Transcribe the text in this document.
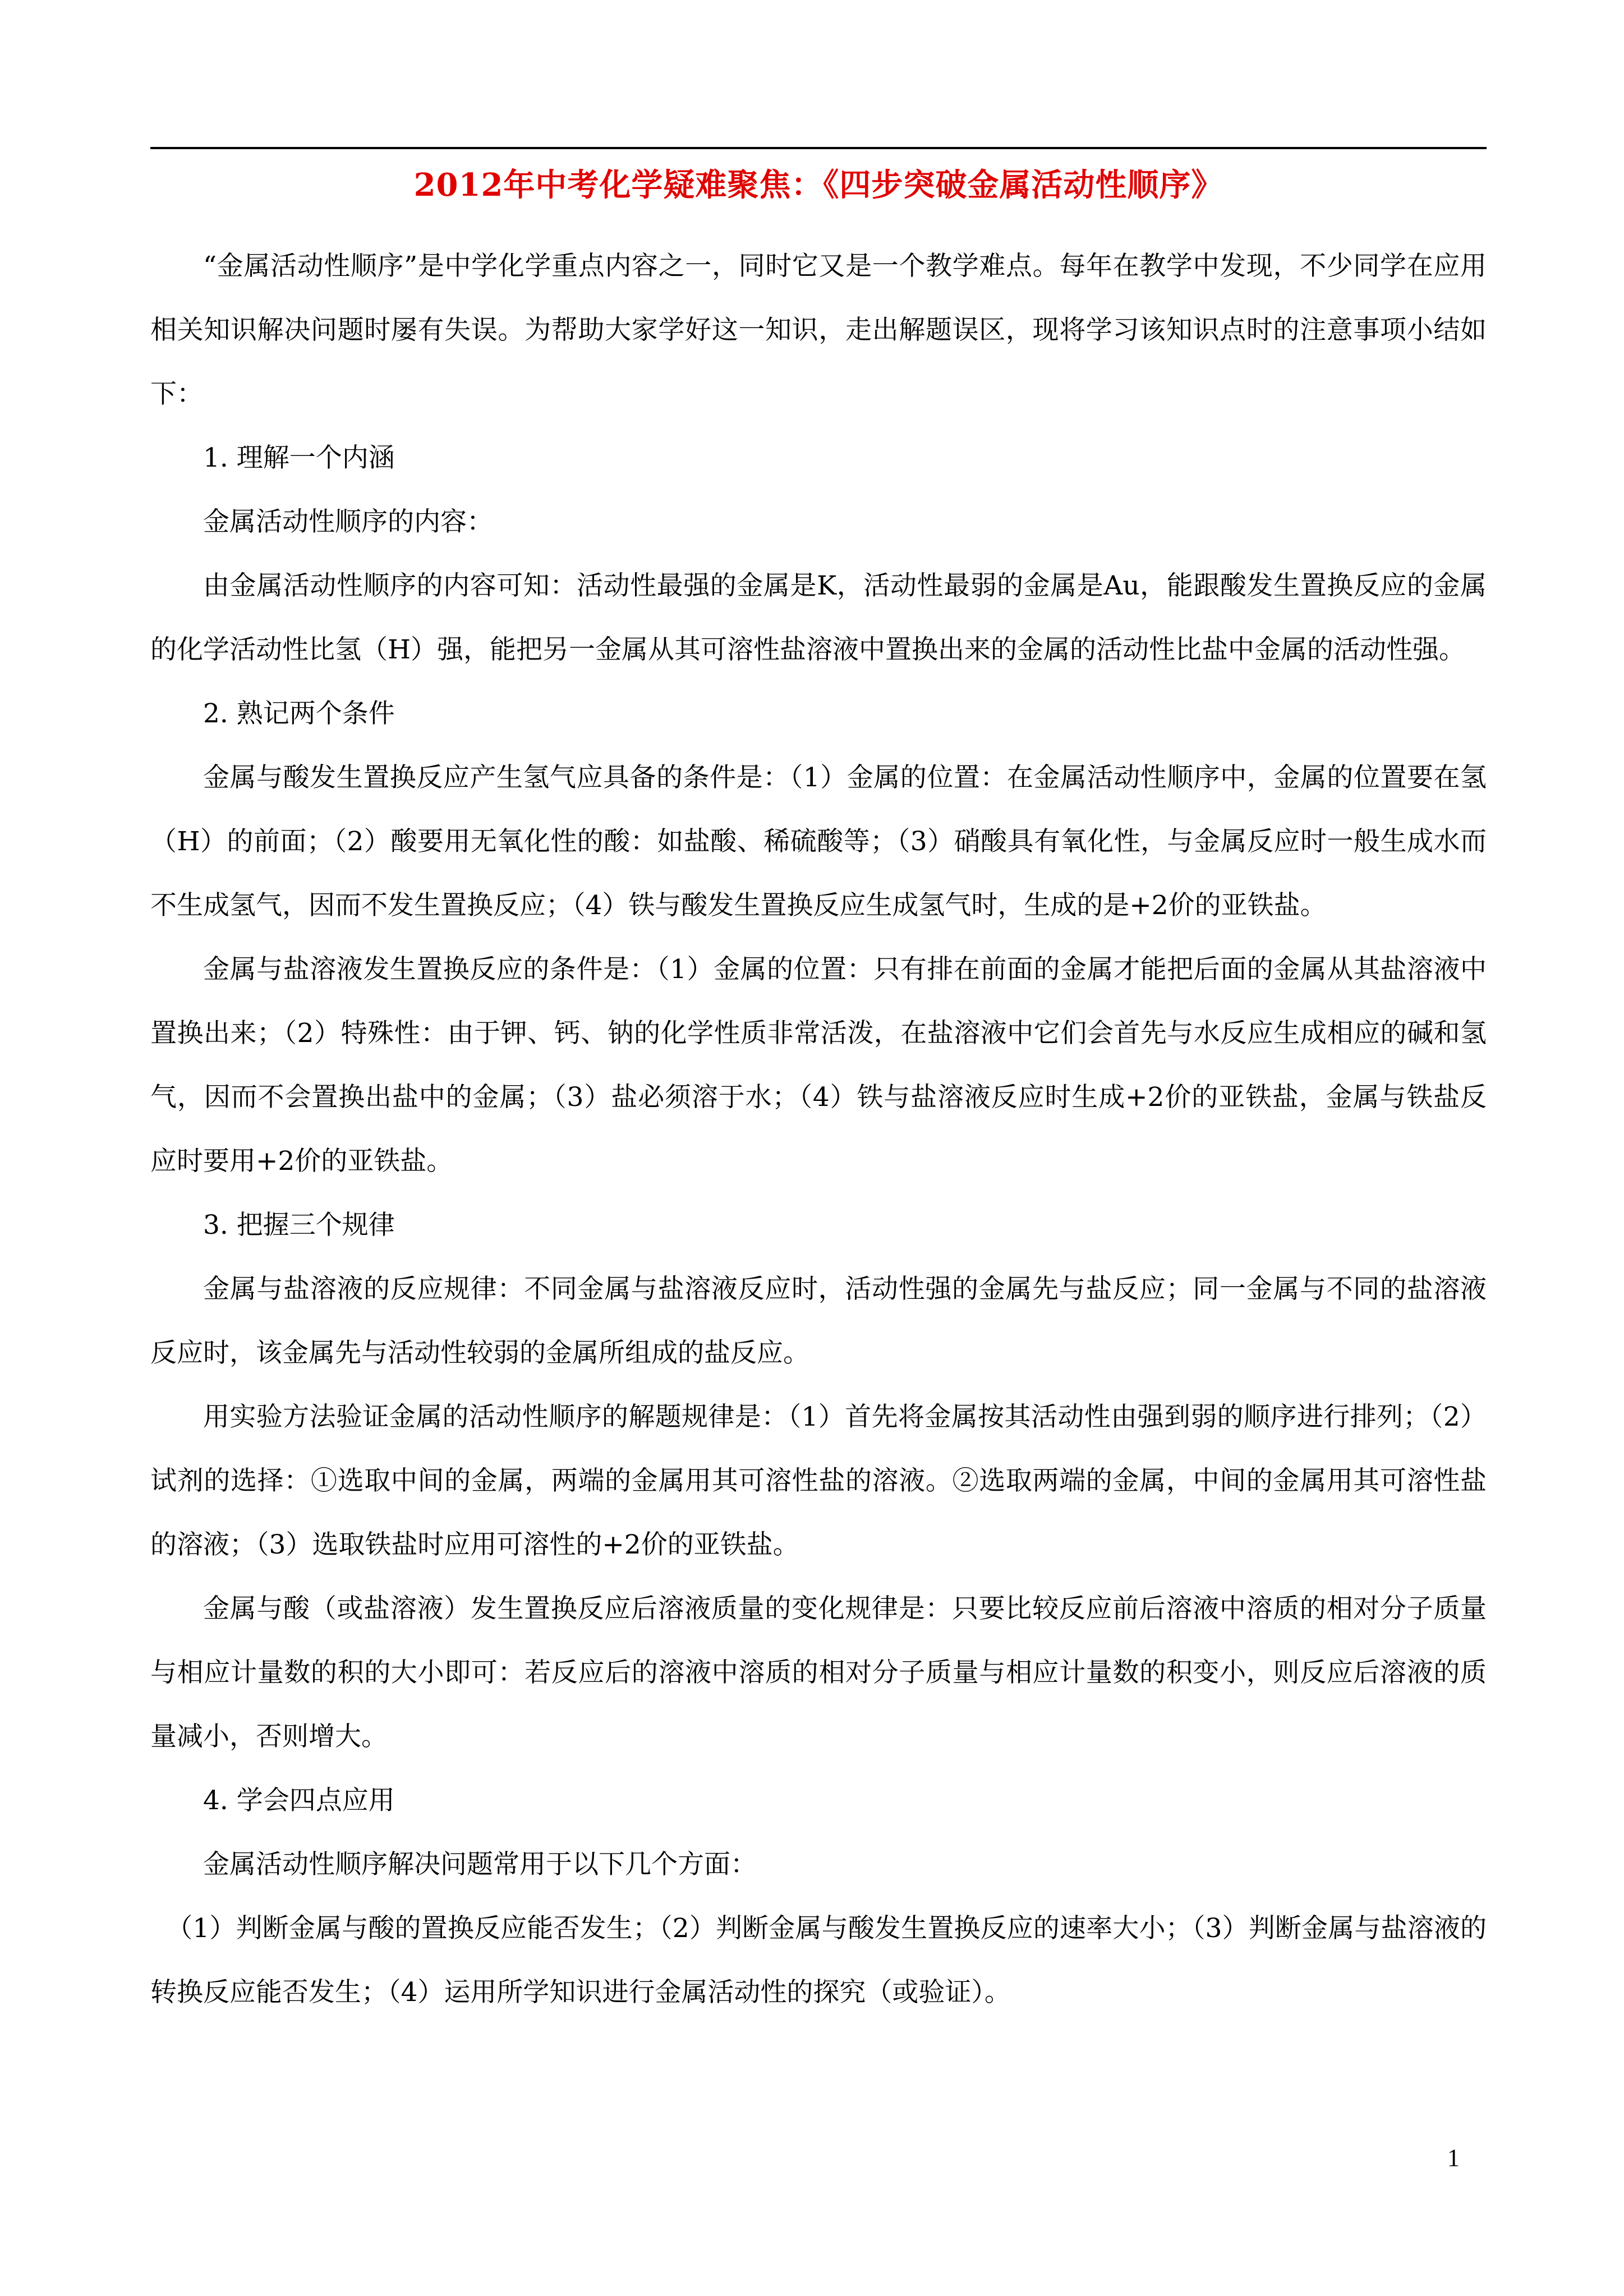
2012年中考化学疑难聚焦：《四步突破金属活动性顺序》

“金属活动性顺序”是中学化学重点内容之一，同时它又是一个教学难点。每年在教学中发现，不少同学在应用相关知识解决问题时屡有失误。为帮助大家学好这一知识，走出解题误区，现将学习该知识点时的注意事项小结如下：

1. 理解一个内涵

金属活动性顺序的内容：

由金属活动性顺序的内容可知：活动性最强的金属是K，活动性最弱的金属是Au，能跟酸发生置换反应的金属的化学活动性比氢（H）强，能把另一金属从其可溶性盐溶液中置换出来的金属的活动性比盐中金属的活动性强。

2. 熟记两个条件

金属与酸发生置换反应产生氢气应具备的条件是：（1）金属的位置：在金属活动性顺序中，金属的位置要在氢（H）的前面；（2）酸要用无氧化性的酸：如盐酸、稀硫酸等；（3）硝酸具有氧化性，与金属反应时一般生成水而不生成氢气，因而不发生置换反应；（4）铁与酸发生置换反应生成氢气时，生成的是+2价的亚铁盐。

金属与盐溶液发生置换反应的条件是：（1）金属的位置：只有排在前面的金属才能把后面的金属从其盐溶液中置换出来；（2）特殊性：由于钾、钙、钠的化学性质非常活泼，在盐溶液中它们会首先与水反应生成相应的碱和氢气，因而不会置换出盐中的金属；（3）盐必须溶于水；（4）铁与盐溶液反应时生成+2价的亚铁盐，金属与铁盐反应时要用+2价的亚铁盐。

3. 把握三个规律

金属与盐溶液的反应规律：不同金属与盐溶液反应时，活动性强的金属先与盐反应；同一金属与不同的盐溶液反应时，该金属先与活动性较弱的金属所组成的盐反应。

用实验方法验证金属的活动性顺序的解题规律是：（1）首先将金属按其活动性由强到弱的顺序进行排列；（2）试剂的选择：①选取中间的金属，两端的金属用其可溶性盐的溶液。②选取两端的金属，中间的金属用其可溶性盐的溶液；（3）选取铁盐时应用可溶性的+2价的亚铁盐。

金属与酸（或盐溶液）发生置换反应后溶液质量的变化规律是：只要比较反应前后溶液中溶质的相对分子质量与相应计量数的积的大小即可：若反应后的溶液中溶质的相对分子质量与相应计量数的积变小，则反应后溶液的质量减小，否则增大。

4. 学会四点应用

金属活动性顺序解决问题常用于以下几个方面：

（1）判断金属与酸的置换反应能否发生；（2）判断金属与酸发生置换反应的速率大小；（3）判断金属与盐溶液的转换反应能否发生；（4）运用所学知识进行金属活动性的探究（或验证）。

1
